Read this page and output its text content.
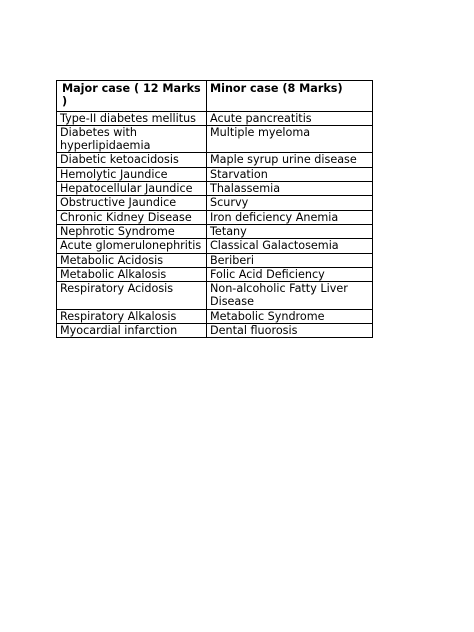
Major case ( 12 Marks )	Minor case (8 Marks)
Type-II diabetes mellitus	Acute pancreatitis
Diabetes with hyperlipidaemia	Multiple myeloma
Diabetic ketoacidosis	Maple syrup urine disease
Hemolytic Jaundice	Starvation
Hepatocellular Jaundice	Thalassemia
Obstructive Jaundice	Scurvy
Chronic Kidney Disease	Iron deficiency Anemia
Nephrotic Syndrome	Tetany
Acute glomerulonephritis	Classical Galactosemia
Metabolic Acidosis	Beriberi
Metabolic Alkalosis	Folic Acid Deficiency
Respiratory Acidosis	Non-alcoholic Fatty Liver Disease
Respiratory Alkalosis	Metabolic Syndrome
Myocardial infarction	Dental fluorosis
